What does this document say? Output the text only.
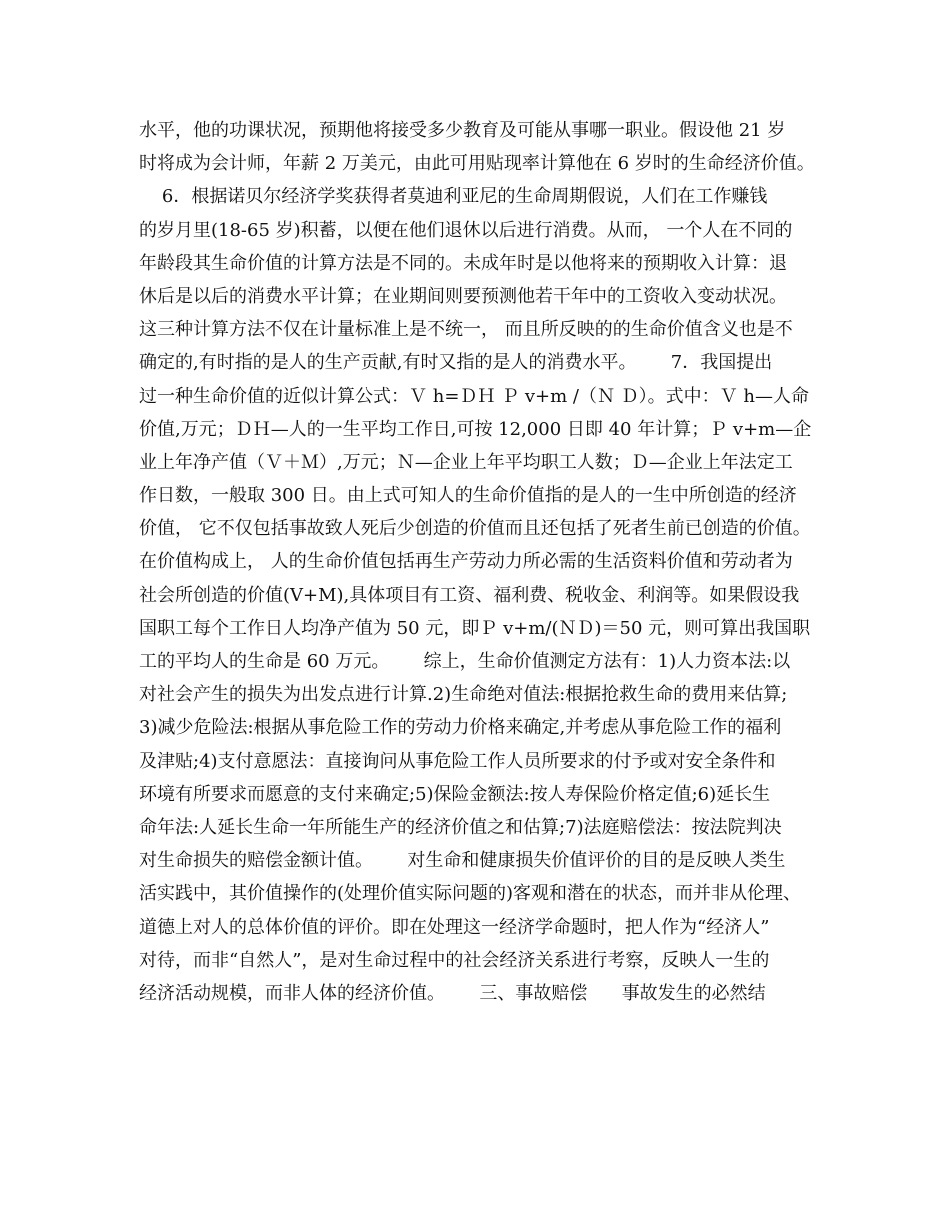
水平，他的功课状况，预期他将接受多少教育及可能从事哪一职业。假设他 21 岁
时将成为会计师，年薪 2 万美元，由此可用贴现率计算他在 6 岁时的生命经济价值。
6．根据诺贝尔经济学奖获得者莫迪利亚尼的生命周期假说，人们在工作赚钱
的岁月里(18-65 岁)积蓄，以便在他们退休以后进行消费。从而， 一个人在不同的
年龄段其生命价值的计算方法是不同的。未成年时是以他将来的预期收入计算：退
休后是以后的消费水平计算；在业期间则要预测他若干年中的工资收入变动状况。
这三种计算方法不仅在计量标准上是不统一， 而且所反映的的生命价值含义也是不
确定的,有时指的是人的生产贡献,有时又指的是人的消费水平。      7．我国提出
过一种生命价值的近似计算公式：Ｖ h=ＤＨ Ｐ v+m /（Ｎ Ｄ）。式中：Ｖ h—人命
价值,万元；ＤＨ—人的一生平均工作日,可按 12,000 日即 40 年计算；Ｐ v+m—企
业上年净产值（Ｖ＋Ｍ）,万元；Ｎ—企业上年平均职工人数；Ｄ—企业上年法定工
作日数，一般取 300 日。由上式可知人的生命价值指的是人的一生中所创造的经济
价值， 它不仅包括事故致人死后少创造的价值而且还包括了死者生前已创造的价值。
在价值构成上， 人的生命价值包括再生产劳动力所必需的生活资料价值和劳动者为
社会所创造的价值(V+M),具体项目有工资、福利费、税收金、利润等。如果假设我
国职工每个工作日人均净产值为 50 元，即Ｐ v+m/(ＮＤ)＝50 元，则可算出我国职
工的平均人的生命是 60 万元。      综上，生命价值测定方法有：1)人力资本法:以
对社会产生的损失为出发点进行计算.2)生命绝对值法:根据抢救生命的费用来估算;
3)减少危险法:根据从事危险工作的劳动力价格来确定,并考虑从事危险工作的福利
及津贴;4)支付意愿法：直接询问从事危险工作人员所要求的付予或对安全条件和
环境有所要求而愿意的支付来确定;5)保险金额法:按人寿保险价格定值;6)延长生
命年法:人延长生命一年所能生产的经济价值之和估算;7)法庭赔偿法：按法院判决
对生命损失的赔偿金额计值。      对生命和健康损失价值评价的目的是反映人类生
活实践中，其价值操作的(处理价值实际问题的)客观和潜在的状态，而并非从伦理、
道德上对人的总体价值的评价。即在处理这一经济学命题时，把人作为“经济人”
对待，而非“自然人”，是对生命过程中的社会经济关系进行考察，反映人一生的
经济活动规模，而非人体的经济价值。      三、事故赔偿      事故发生的必然结
